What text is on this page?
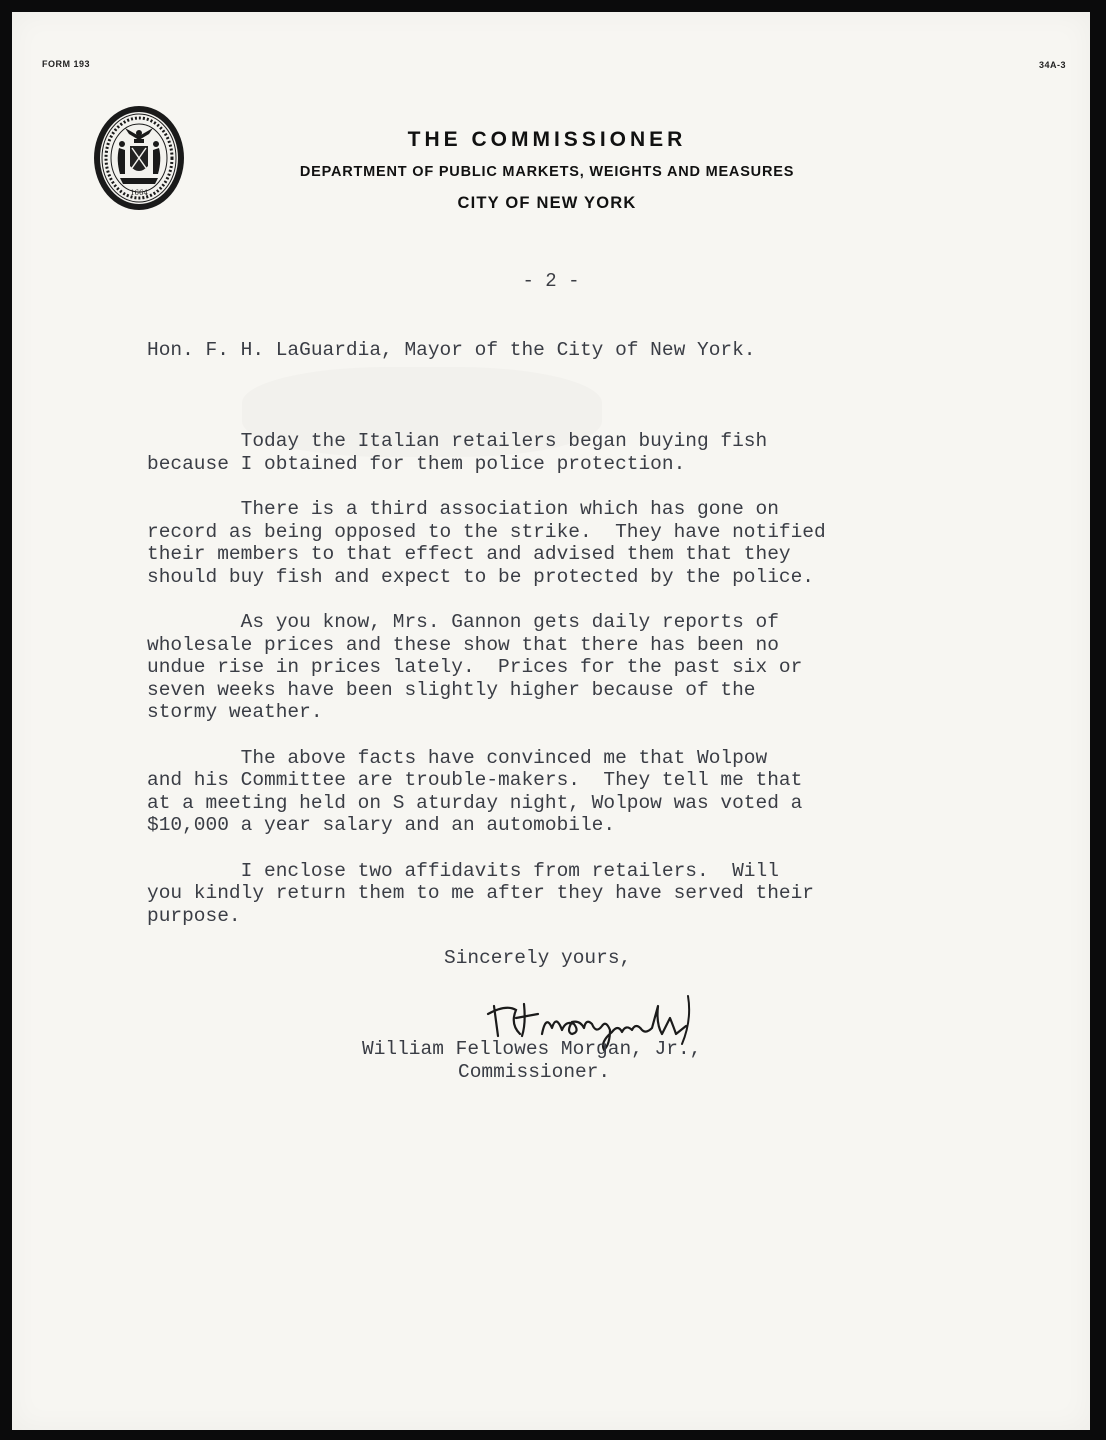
FORM 193	34A-3
1664
THE COMMISSIONER
DEPARTMENT OF PUBLIC MARKETS, WEIGHTS AND MEASURES
CITY OF NEW YORK
- 2 -
Hon. F. H. LaGuardia, Mayor of the City of New York.

Today the Italian retailers began buying fish
because I obtained for them police protection.

There is a third association which has gone on
record as being opposed to the strike.  They have notified
their members to that effect and advised them that they
should buy fish and expect to be protected by the police.

As you know, Mrs. Gannon gets daily reports of
wholesale prices and these show that there has been no
undue rise in prices lately.  Prices for the past six or
seven weeks have been slightly higher because of the
stormy weather.

The above facts have convinced me that Wolpow
and his Committee are trouble-makers.  They tell me that
at a meeting held on S aturday night, Wolpow was voted a
$10,000 a year salary and an automobile.

I enclose two affidavits from retailers.  Will
you kindly return them to me after they have served their
purpose.

Sincerely yours,
William Fellowes Morgan, Jr.,
Commissioner.
